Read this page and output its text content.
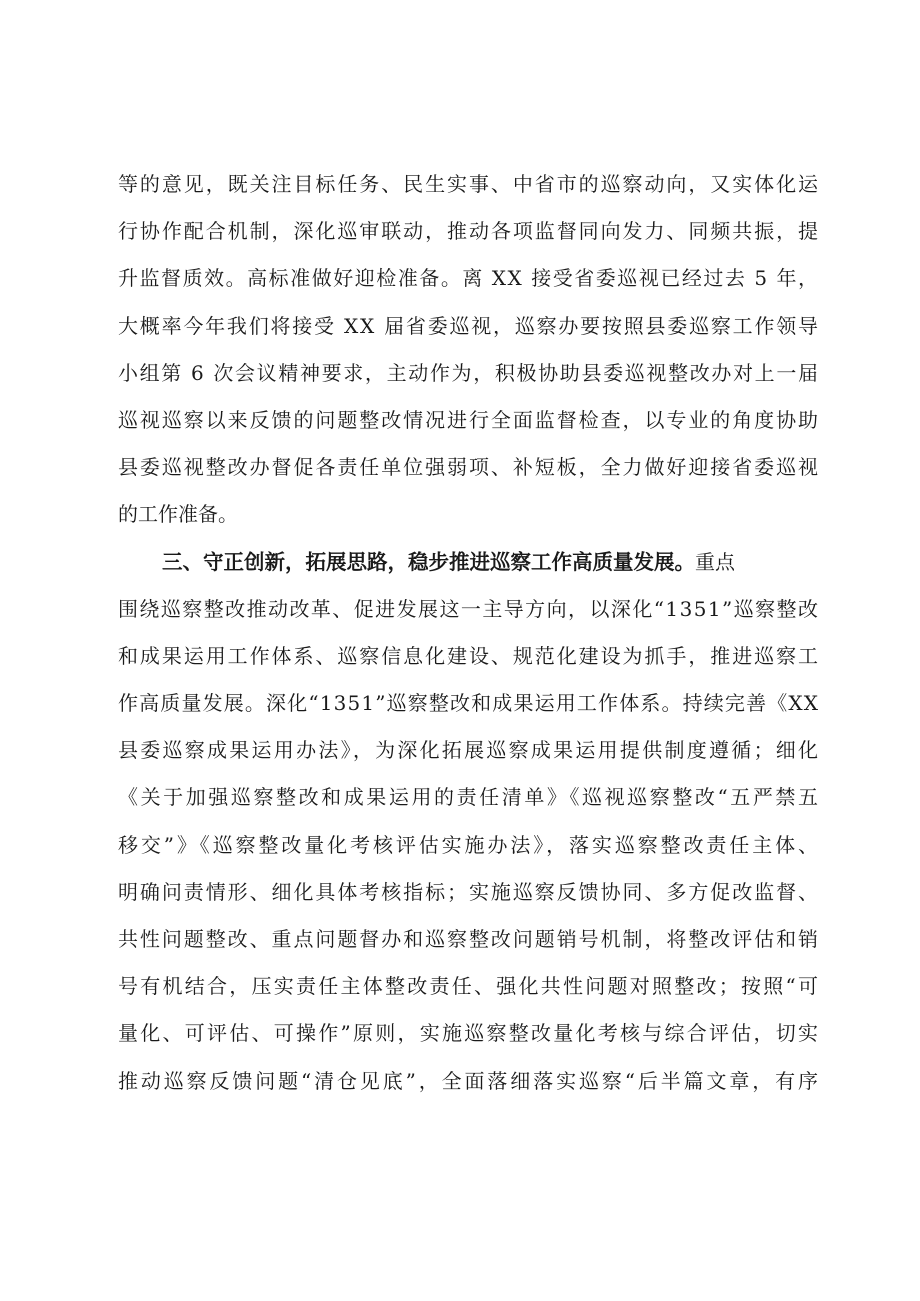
等的意见，既关注目标任务、民生实事、中省市的巡察动向，又实体化运
行协作配合机制，深化巡审联动，推动各项监督同向发力、同频共振，提
升监督质效。高标准做好迎检准备。离 XX 接受省委巡视已经过去 5 年，
大概率今年我们将接受 XX 届省委巡视，巡察办要按照县委巡察工作领导
小组第 6 次会议精神要求，主动作为，积极协助县委巡视整改办对上一届
巡视巡察以来反馈的问题整改情况进行全面监督检查，以专业的角度协助
县委巡视整改办督促各责任单位强弱项、补短板，全力做好迎接省委巡视
的工作准备。
三、守正创新，拓展思路，稳步推进巡察工作高质量发展。 重点
围绕巡察整改推动改革、促进发展这一主导方向，以深化“1351”巡察整改
和成果运用工作体系、巡察信息化建设、规范化建设为抓手，推进巡察工
作高质量发展。深化“1351”巡察整改和成果运用工作体系。持续完善《XX
县委巡察成果运用办法》，为深化拓展巡察成果运用提供制度遵循；细化
《关于加强巡察整改和成果运用的责任清单》《巡视巡察整改“五严禁五
移交”》《巡察整改量化考核评估实施办法》，落实巡察整改责任主体、
明确问责情形、细化具体考核指标；实施巡察反馈协同、多方促改监督、
共性问题整改、重点问题督办和巡察整改问题销号机制，将整改评估和销
号有机结合，压实责任主体整改责任、强化共性问题对照整改；按照“可
量化、可评估、可操作”原则，实施巡察整改量化考核与综合评估，切实
推动巡察反馈问题“清仓见底”，全面落细落实巡察“后半篇文章，有序
